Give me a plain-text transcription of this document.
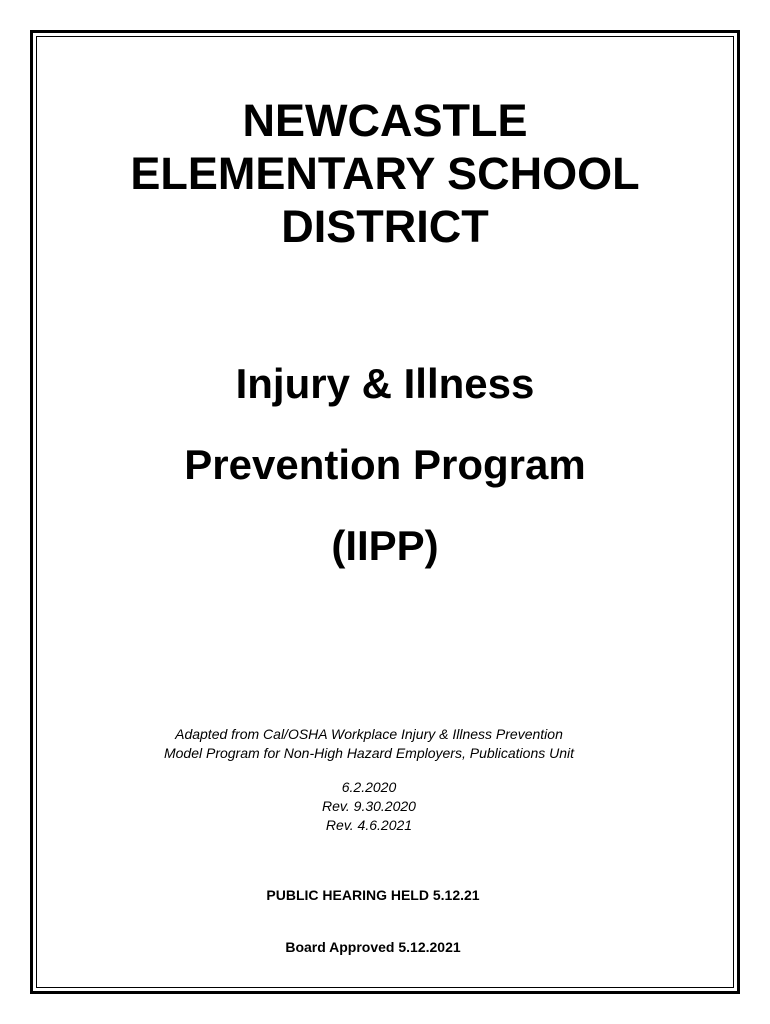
NEWCASTLE
ELEMENTARY SCHOOL
DISTRICT
Injury & Illness
Prevention Program
(IIPP)
Adapted from Cal/OSHA Workplace Injury & Illness Prevention
Model Program for Non-High Hazard Employers, Publications Unit
6.2.2020
Rev. 9.30.2020
Rev. 4.6.2021
PUBLIC HEARING HELD 5.12.21
Board Approved 5.12.2021
